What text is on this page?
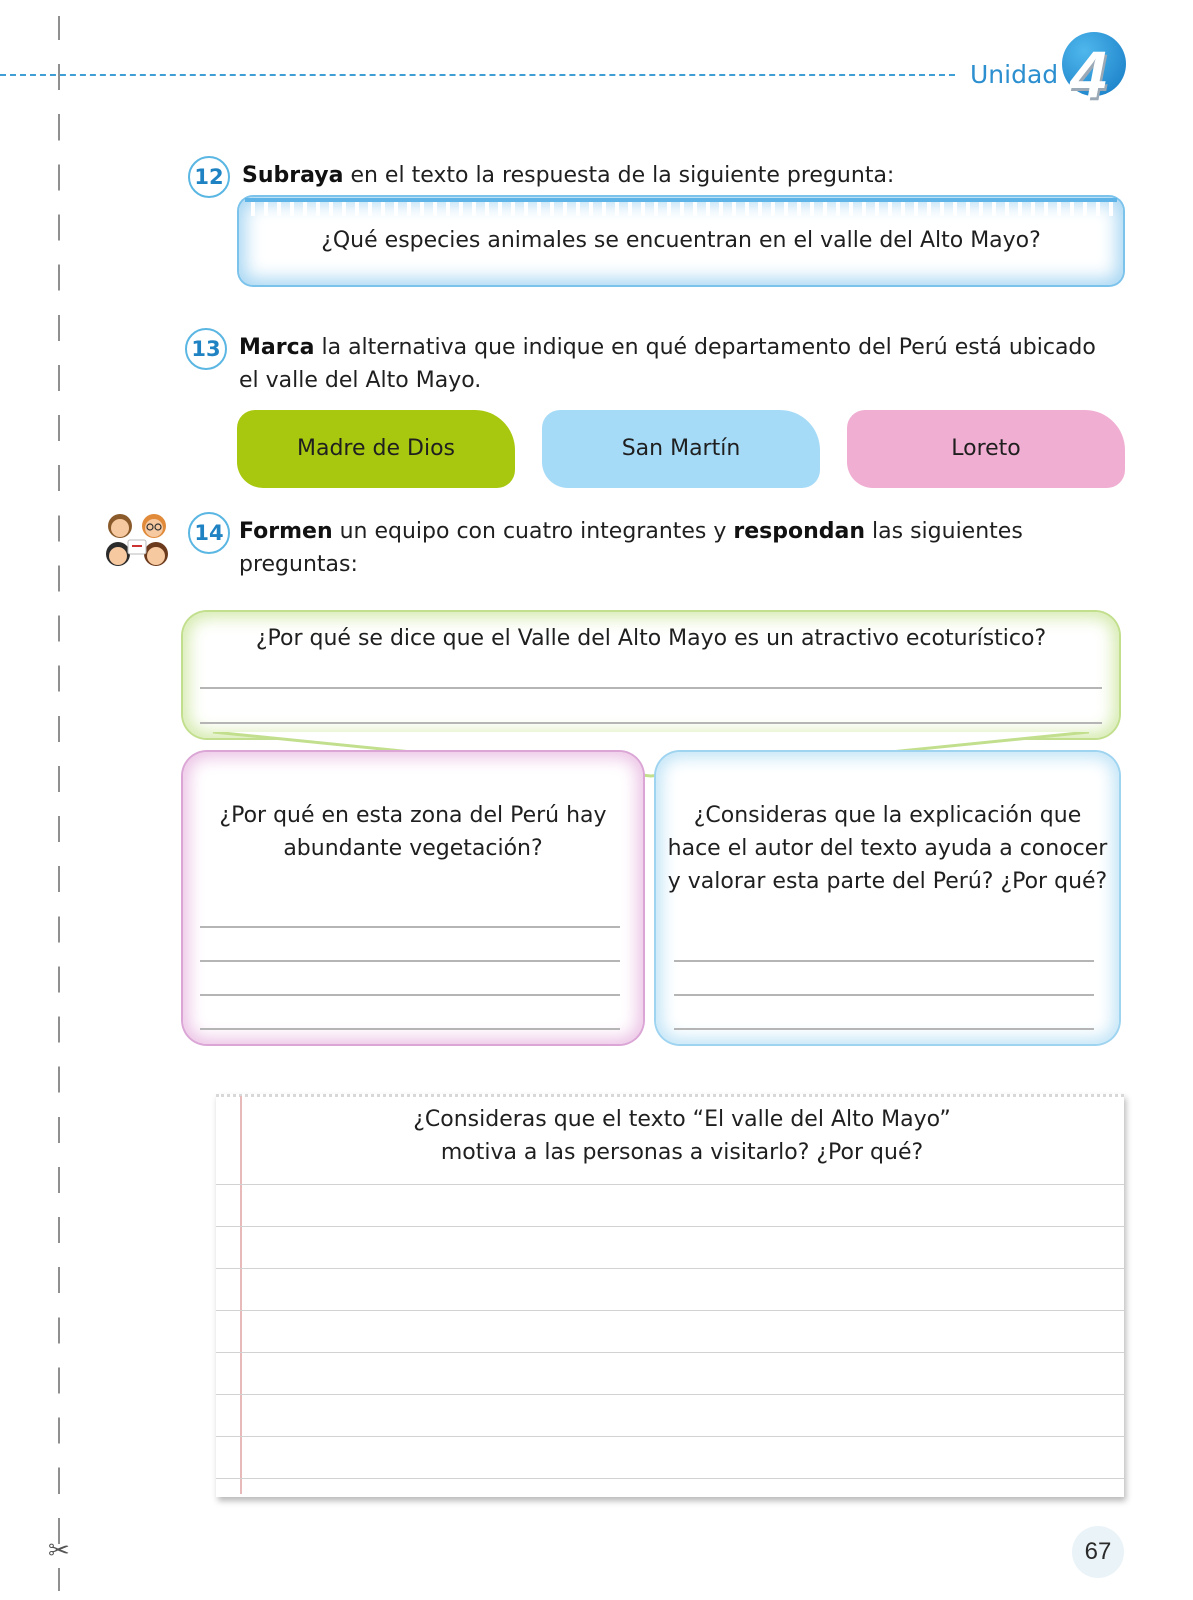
✂
Unidad 4
12 Subraya en el texto la respuesta de la siguiente pregunta:
¿Qué especies animales se encuentran en el valle del Alto Mayo?
13 Marca la alternativa que indique en qué departamento del Perú está ubicado el valle del Alto Mayo.
Madre de Dios	San Martín	Loreto
14 Formen un equipo con cuatro integrantes y respondan las siguientes preguntas:
¿Por qué se dice que el Valle del Alto Mayo es un atractivo ecoturístico?
¿Por qué en esta zona del Perú hay abundante vegetación?
¿Consideras que la explicación que hace el autor del texto ayuda a conocer y valorar esta parte del Perú? ¿Por qué?
¿Consideras que el texto “El valle del Alto Mayo”
motiva a las personas a visitarlo? ¿Por qué?
67
